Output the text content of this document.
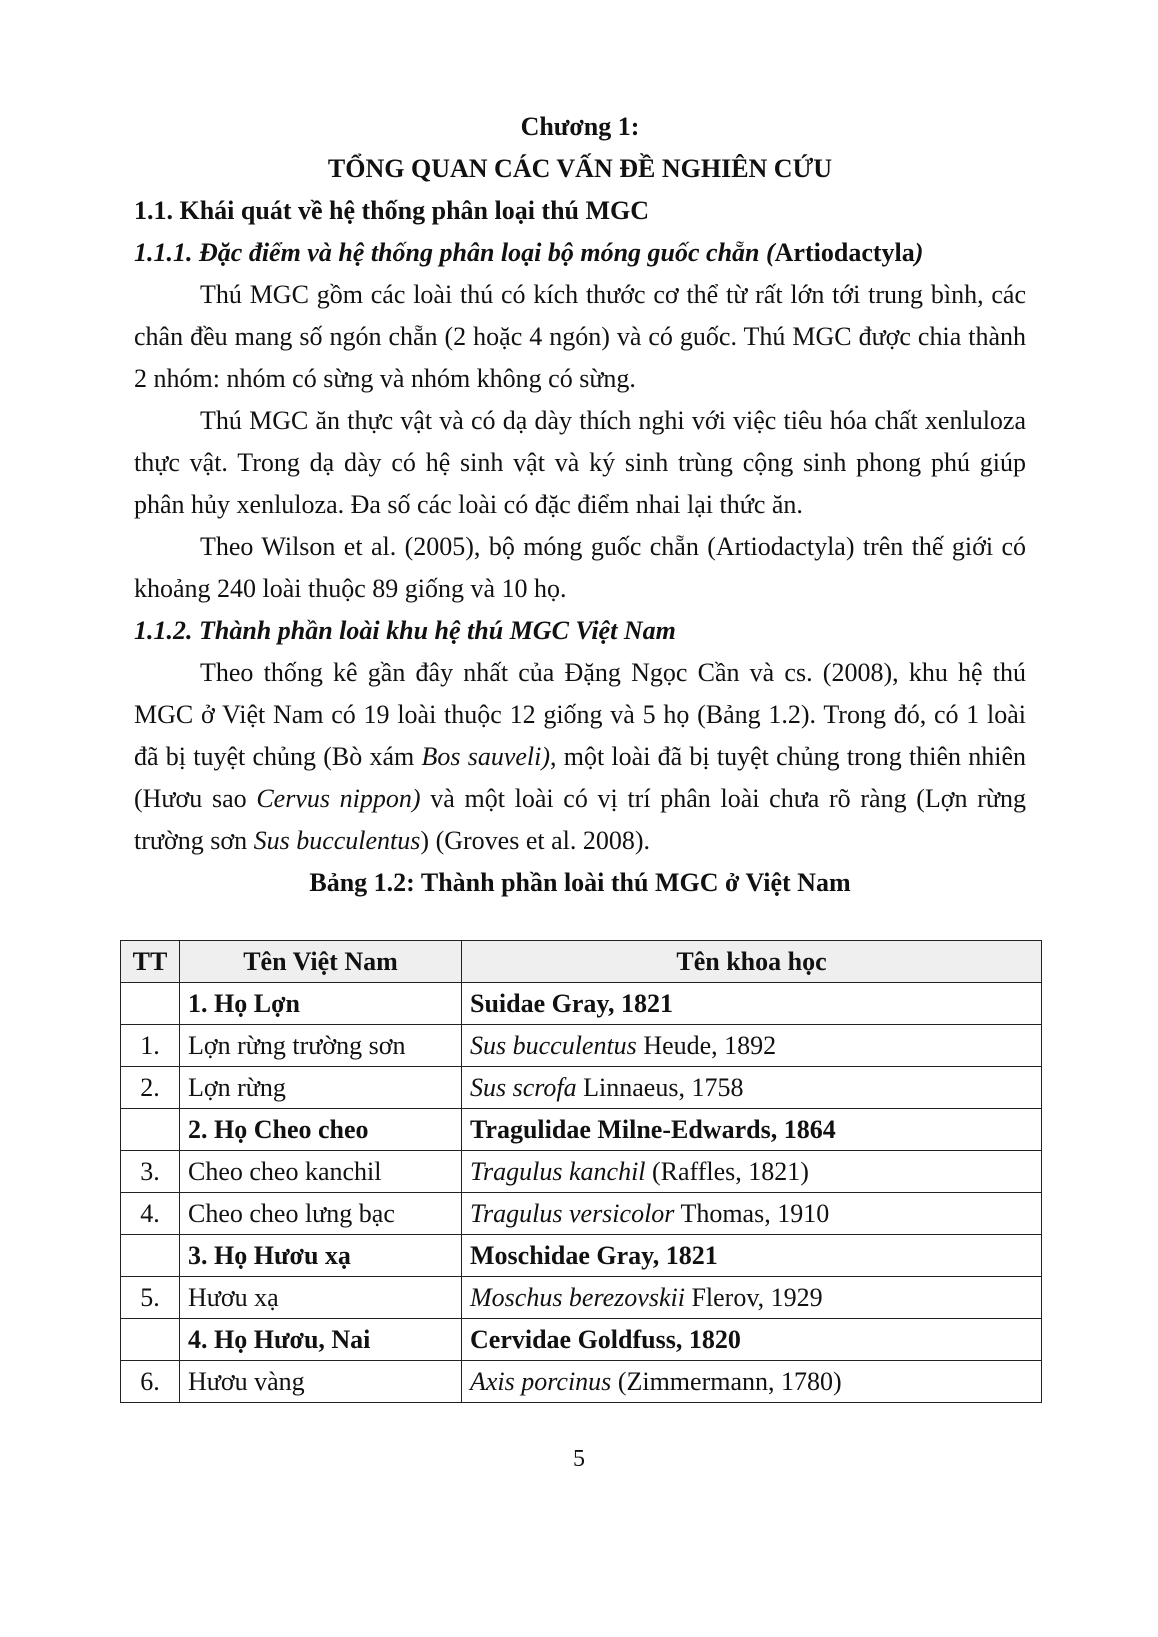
Chương 1:

TỔNG QUAN CÁC VẤN ĐỀ NGHIÊN CỨU

1.1. Khái quát về hệ thống phân loại thú MGC
1.1.1. Đặc điểm và hệ thống phân loại bộ móng guốc chẵn (Artiodactyla)

Thú MGC gồm các loài thú có kích thước cơ thể từ rất lớn tới trung bình, các chân đều mang số ngón chẵn (2 hoặc 4 ngón) và có guốc. Thú MGC được chia thành 2 nhóm: nhóm có sừng và nhóm không có sừng.

Thú MGC ăn thực vật và có dạ dày thích nghi với việc tiêu hóa chất xenluloza thực vật. Trong dạ dày có hệ sinh vật và ký sinh trùng cộng sinh phong phú giúp phân hủy xenluloza. Đa số các loài có đặc điểm nhai lại thức ăn.

Theo Wilson et al. (2005), bộ móng guốc chẵn (Artiodactyla) trên thế giới có khoảng 240 loài thuộc 89 giống và 10 họ.

1.1.2. Thành phần loài khu hệ thú MGC Việt Nam

Theo thống kê gần đây nhất của Đặng Ngọc Cần và cs. (2008), khu hệ thú MGC ở Việt Nam có 19 loài thuộc 12 giống và 5 họ (Bảng 1.2). Trong đó, có 1 loài đã bị tuyệt chủng (Bò xám Bos sauveli), một loài đã bị tuyệt chủng trong thiên nhiên (Hươu sao Cervus nippon) và một loài có vị trí phân loài chưa rõ ràng (Lợn rừng trường sơn Sus bucculentus) (Groves et al. 2008).

Bảng 1.2: Thành phần loài thú MGC ở Việt Nam

TT	Tên Việt Nam	Tên khoa học
	1. Họ Lợn	Suidae Gray, 1821
1.	Lợn rừng trường sơn	Sus bucculentus Heude, 1892
2.	Lợn rừng	Sus scrofa Linnaeus, 1758
	2. Họ Cheo cheo	Tragulidae Milne-Edwards, 1864
3.	Cheo cheo kanchil	Tragulus kanchil (Raffles, 1821)
4.	Cheo cheo lưng bạc	Tragulus versicolor Thomas, 1910
	3. Họ Hươu xạ	Moschidae Gray, 1821
5.	Hươu xạ	Moschus berezovskii Flerov, 1929
	4. Họ Hươu, Nai	Cervidae Goldfuss, 1820
6.	Hươu vàng	Axis porcinus (Zimmermann, 1780)
5
